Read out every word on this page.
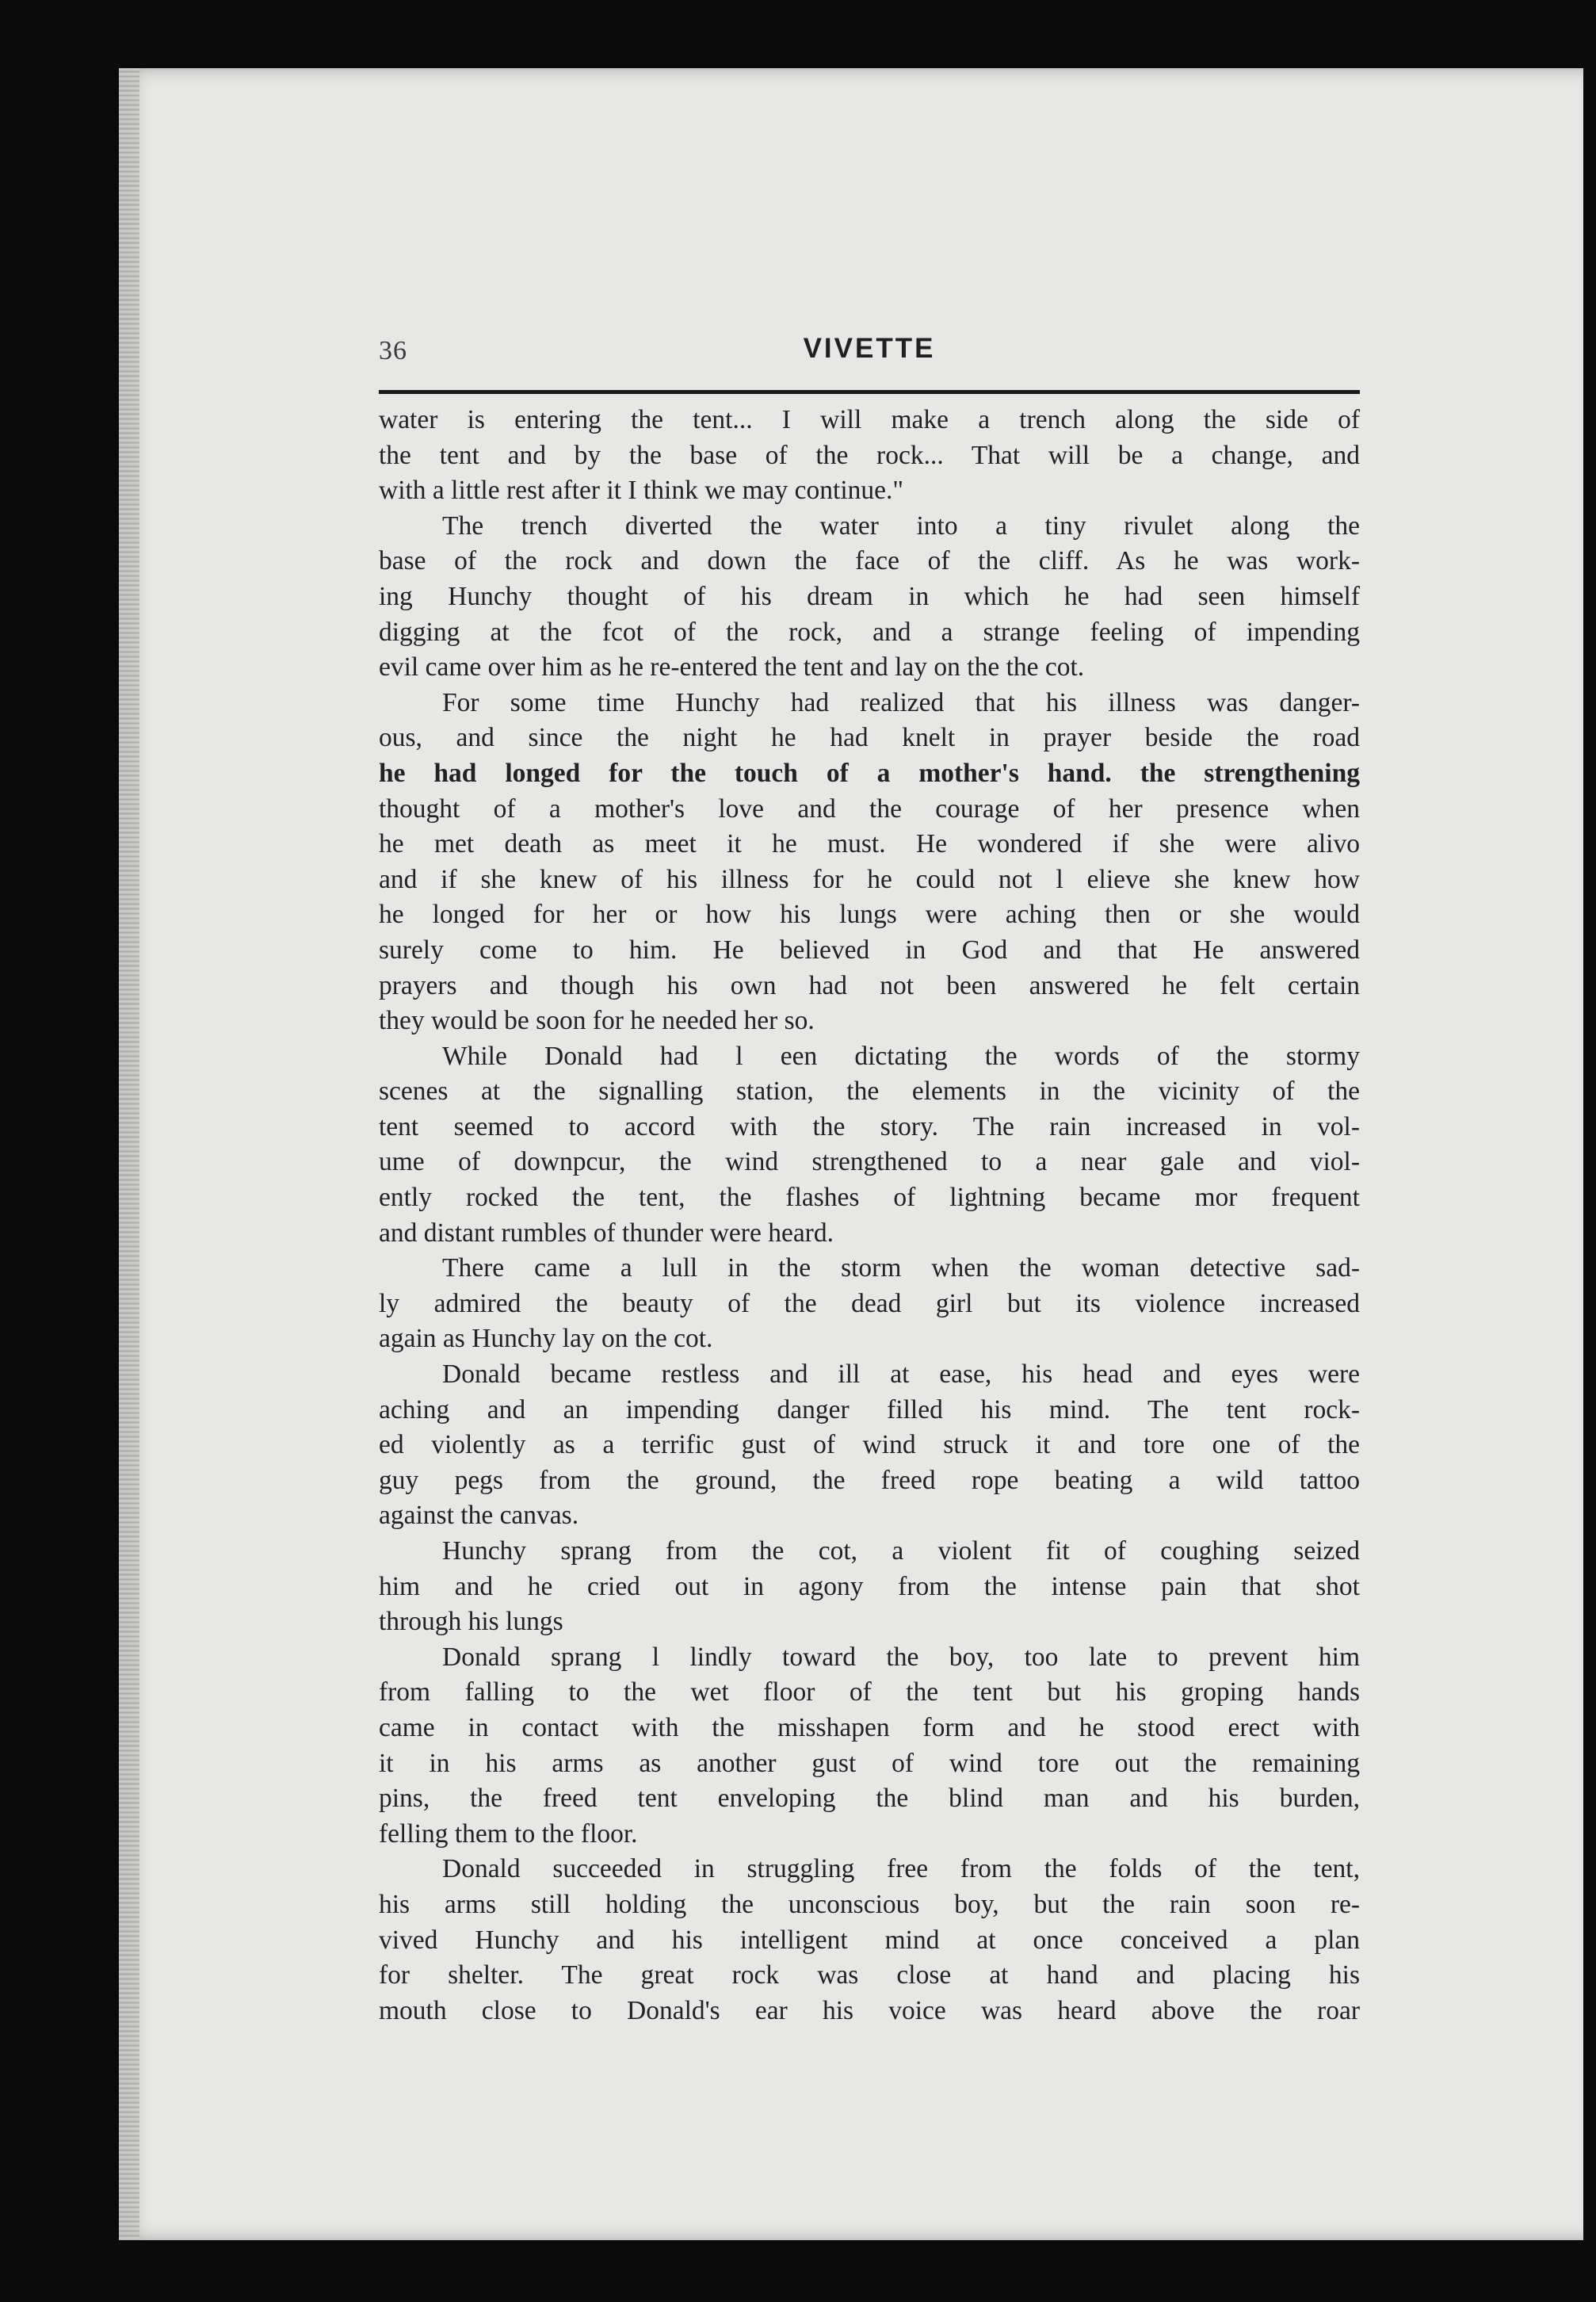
36	VIVETTE
water is entering the tent... I will make a trench along the side of
the tent and by the base of the rock... That will be a change, and
with a little rest after it I think we may continue."
The trench diverted the water into a tiny rivulet along the
base of the rock and down the face of the cliff. As he was work-
ing Hunchy thought of his dream in which he had seen himself
digging at the fcot of the rock, and a strange feeling of impending
evil came over him as he re-entered the tent and lay on the the cot.
For some time Hunchy had realized that his illness was danger-
ous, and since the night he had knelt in prayer beside the road
he had longed for the touch of a mother's hand. the strengthening
thought of a mother's love and the courage of her presence when
he met death as meet it he must. He wondered if she were alivo
and if she knew of his illness for he could not l elieve she knew how
he longed for her or how his lungs were aching then or she would
surely come to him. He believed in God and that He answered
prayers and though his own had not been answered he felt certain
they would be soon for he needed her so.
While Donald had l een dictating the words of the stormy
scenes at the signalling station, the elements in the vicinity of the
tent seemed to accord with the story. The rain increased in vol-
ume of downpcur, the wind strengthened to a near gale and viol-
ently rocked the tent, the flashes of lightning became mor frequent
and distant rumbles of thunder were heard.
There came a lull in the storm when the woman detective sad-
ly admired the beauty of the dead girl but its violence increased
again as Hunchy lay on the cot.
Donald became restless and ill at ease, his head and eyes were
aching and an impending danger filled his mind. The tent rock-
ed violently as a terrific gust of wind struck it and tore one of the
guy pegs from the ground, the freed rope beating a wild tattoo
against the canvas.
Hunchy sprang from the cot, a violent fit of coughing seized
him and he cried out in agony from the intense pain that shot
through his lungs
Donald sprang l lindly toward the boy, too late to prevent him
from falling to the wet floor of the tent but his groping hands
came in contact with the misshapen form and he stood erect with
it in his arms as another gust of wind tore out the remaining
pins, the freed tent enveloping the blind man and his burden,
felling them to the floor.
Donald succeeded in struggling free from the folds of the tent,
his arms still holding the unconscious boy, but the rain soon re-
vived Hunchy and his intelligent mind at once conceived a plan
for shelter. The great rock was close at hand and placing his
mouth close to Donald's ear his voice was heard above the roar
